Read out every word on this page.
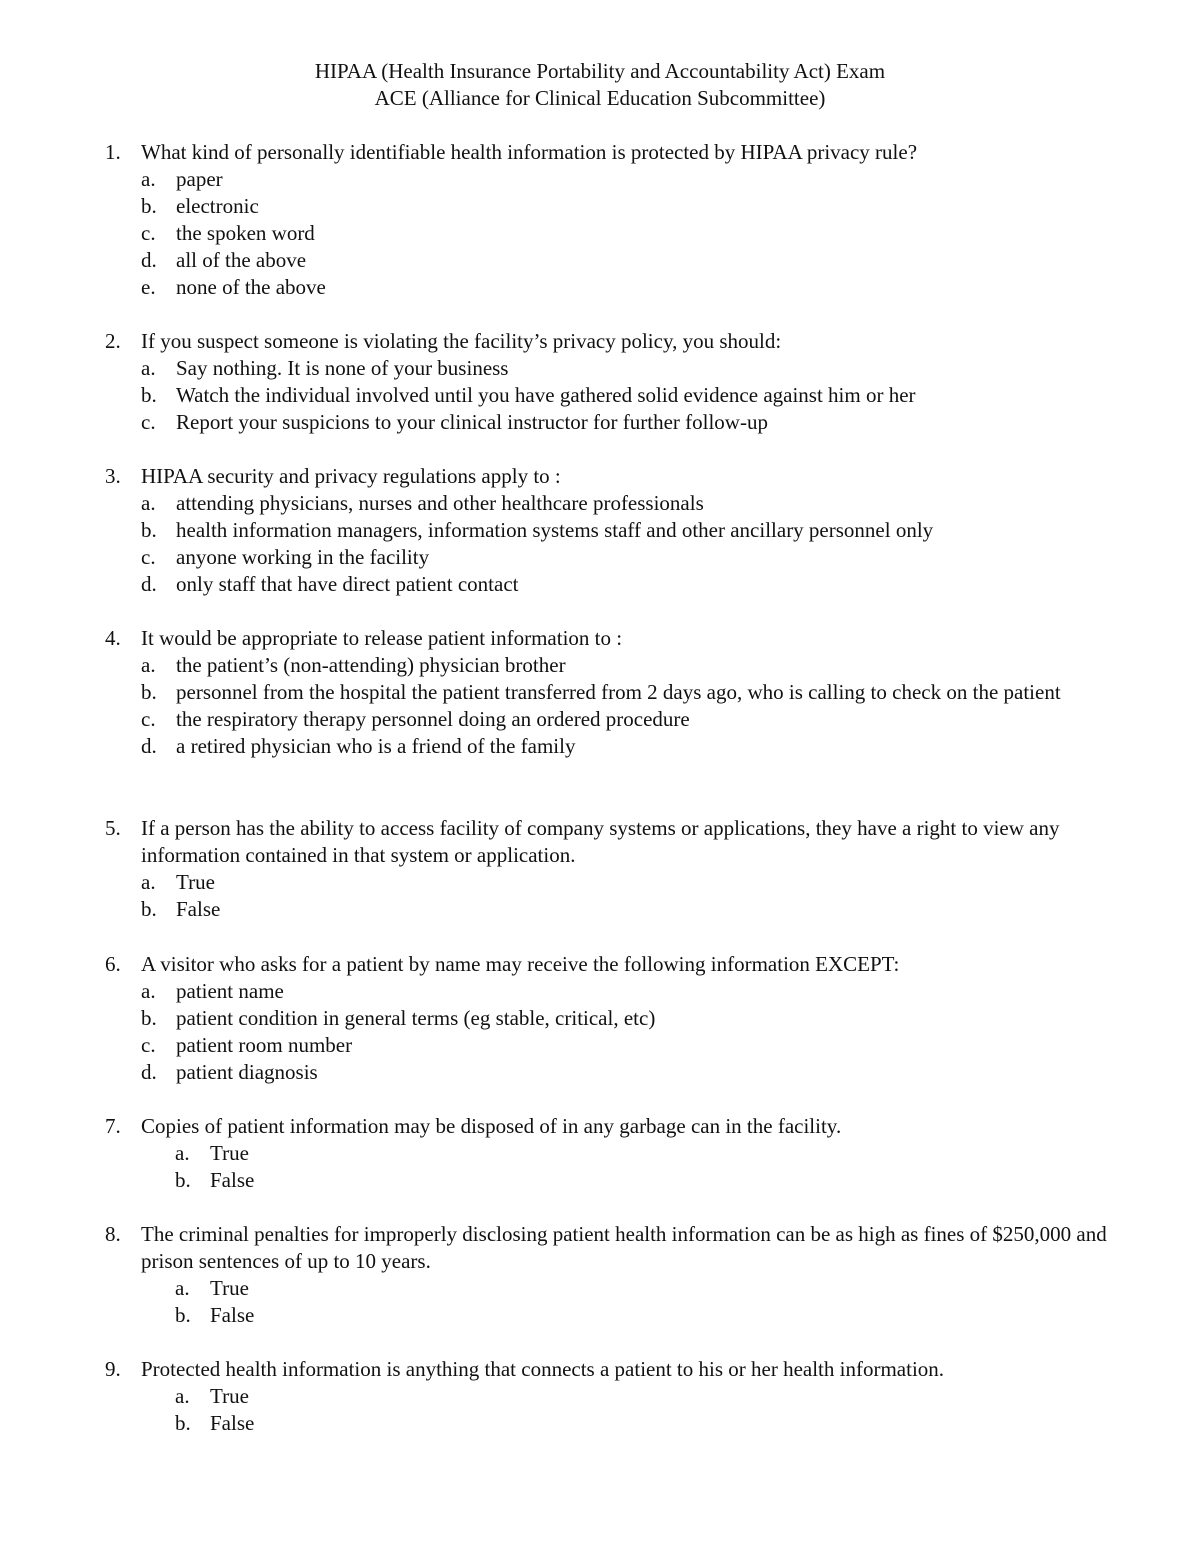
HIPAA (Health Insurance Portability and Accountability Act) Exam
ACE (Alliance for Clinical Education Subcommittee)
1. What kind of personally identifiable health information is protected by HIPAA privacy rule?
a. paper
b. electronic
c. the spoken word
d. all of the above
e. none of the above
2. If you suspect someone is violating the facility’s privacy policy, you should:
a. Say nothing. It is none of your business
b. Watch the individual involved until you have gathered solid evidence against him or her
c. Report your suspicions to your clinical instructor for further follow-up
3. HIPAA security and privacy regulations apply to :
a. attending physicians, nurses and other healthcare professionals
b. health information managers, information systems staff and other ancillary personnel only
c. anyone working in the facility
d. only staff that have direct patient contact
4. It would be appropriate to release patient information to :
a. the patient’s (non-attending) physician brother
b. personnel from the hospital the patient transferred from 2 days ago, who is calling to check on the patient
c. the respiratory therapy personnel doing an ordered procedure
d. a retired physician who is a friend of the family
5. If a person has the ability to access facility of company systems or applications, they have a right to view any information contained in that system or application.
a. True
b. False
6. A visitor who asks for a patient by name may receive the following information EXCEPT:
a. patient name
b. patient condition in general terms (eg stable, critical, etc)
c. patient room number
d. patient diagnosis
7. Copies of patient information may be disposed of in any garbage can in the facility.
a. True
b. False
8. The criminal penalties for improperly disclosing patient health information can be as high as fines of $250,000 and prison sentences of up to 10 years.
a. True
b. False
9. Protected health information is anything that connects a patient to his or her health information.
a. True
b. False
